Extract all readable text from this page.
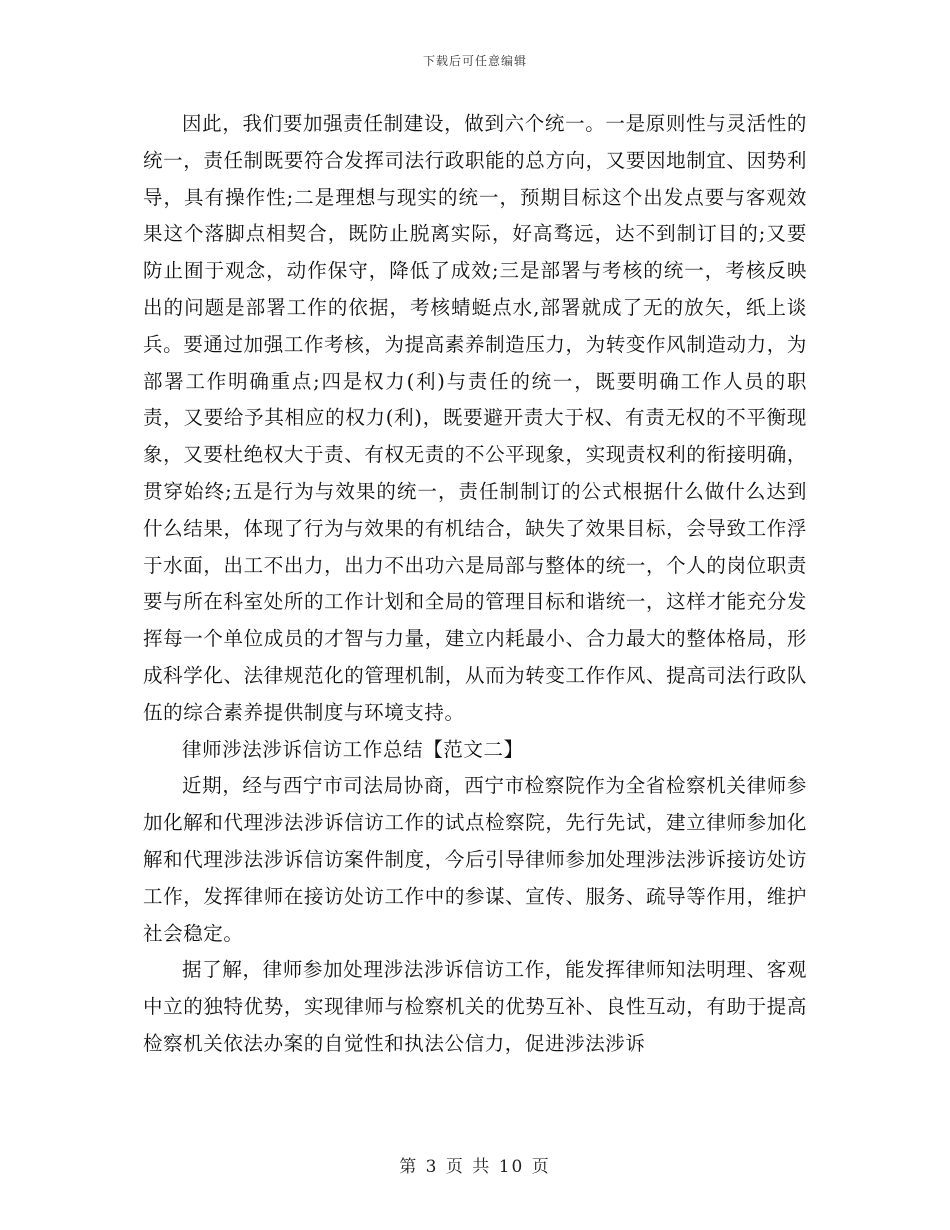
下载后可任意编辑

因此，我们要加强责任制建设，做到六个统一。一是原则性与灵活性的统一，责任制既要符合发挥司法行政职能的总方向，又要因地制宜、因势利导，具有操作性;二是理想与现实的统一，预期目标这个出发点要与客观效果这个落脚点相契合，既防止脱离实际，好高骛远，达不到制订目的;又要防止囿于观念，动作保守，降低了成效;三是部署与考核的统一，考核反映出的问题是部署工作的依据，考核蜻蜓点水,部署就成了无的放矢，纸上谈兵。要通过加强工作考核，为提高素养制造压力，为转变作风制造动力，为部署工作明确重点;四是权力(利)与责任的统一，既要明确工作人员的职责，又要给予其相应的权力(利)，既要避开责大于权、有责无权的不平衡现象，又要杜绝权大于责、有权无责的不公平现象，实现责权利的衔接明确，贯穿始终;五是行为与效果的统一，责任制制订的公式根据什么做什么达到什么结果，体现了行为与效果的有机结合，缺失了效果目标，会导致工作浮于水面，出工不出力，出力不出功六是局部与整体的统一，个人的岗位职责要与所在科室处所的工作计划和全局的管理目标和谐统一，这样才能充分发挥每一个单位成员的才智与力量，建立内耗最小、合力最大的整体格局，形成科学化、法律规范化的管理机制，从而为转变工作作风、提高司法行政队伍的综合素养提供制度与环境支持。

律师涉法涉诉信访工作总结【范文二】

近期，经与西宁市司法局协商，西宁市检察院作为全省检察机关律师参加化解和代理涉法涉诉信访工作的试点检察院，先行先试，建立律师参加化解和代理涉法涉诉信访案件制度，今后引导律师参加处理涉法涉诉接访处访工作，发挥律师在接访处访工作中的参谋、宣传、服务、疏导等作用，维护社会稳定。

据了解，律师参加处理涉法涉诉信访工作，能发挥律师知法明理、客观中立的独特优势，实现律师与检察机关的优势互补、良性互动，有助于提高检察机关依法办案的自觉性和执法公信力，促进涉法涉诉

第 3 页 共 10 页
